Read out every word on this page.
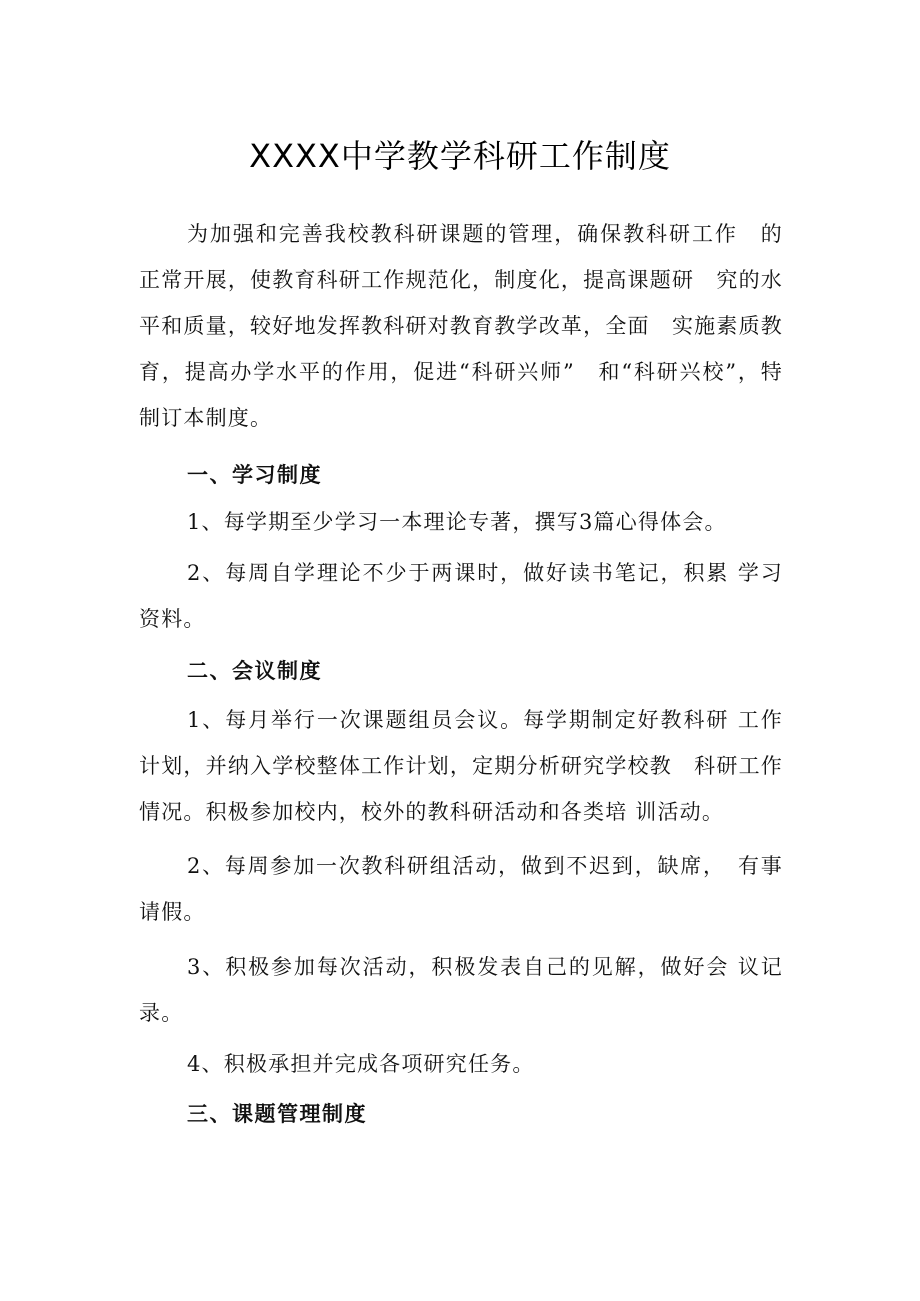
XXXX中学教学科研工作制度

为加强和完善我校教科研课题的管理，确保教科研工作　的正常开展，使教育科研工作规范化，制度化，提高课题研　究的水平和质量，较好地发挥教科研对教育教学改革，全面　实施素质教育，提高办学水平的作用，促进“科研兴师”　和“科研兴校”，特制订本制度。

一、学习制度

1、每学期至少学习一本理论专著，撰写3篇心得体会。

2、每周自学理论不少于两课时，做好读书笔记，积累 学习资料。

二、会议制度

1、每月举行一次课题组员会议。每学期制定好教科研 工作计划，并纳入学校整体工作计划，定期分析研究学校教　科研工作情况。积极参加校内，校外的教科研活动和各类培 训活动。

2、每周参加一次教科研组活动，做到不迟到，缺席，　有事请假。

3、积极参加每次活动，积极发表自己的见解，做好会 议记录。

4、积极承担并完成各项研究任务。

三、课题管理制度
